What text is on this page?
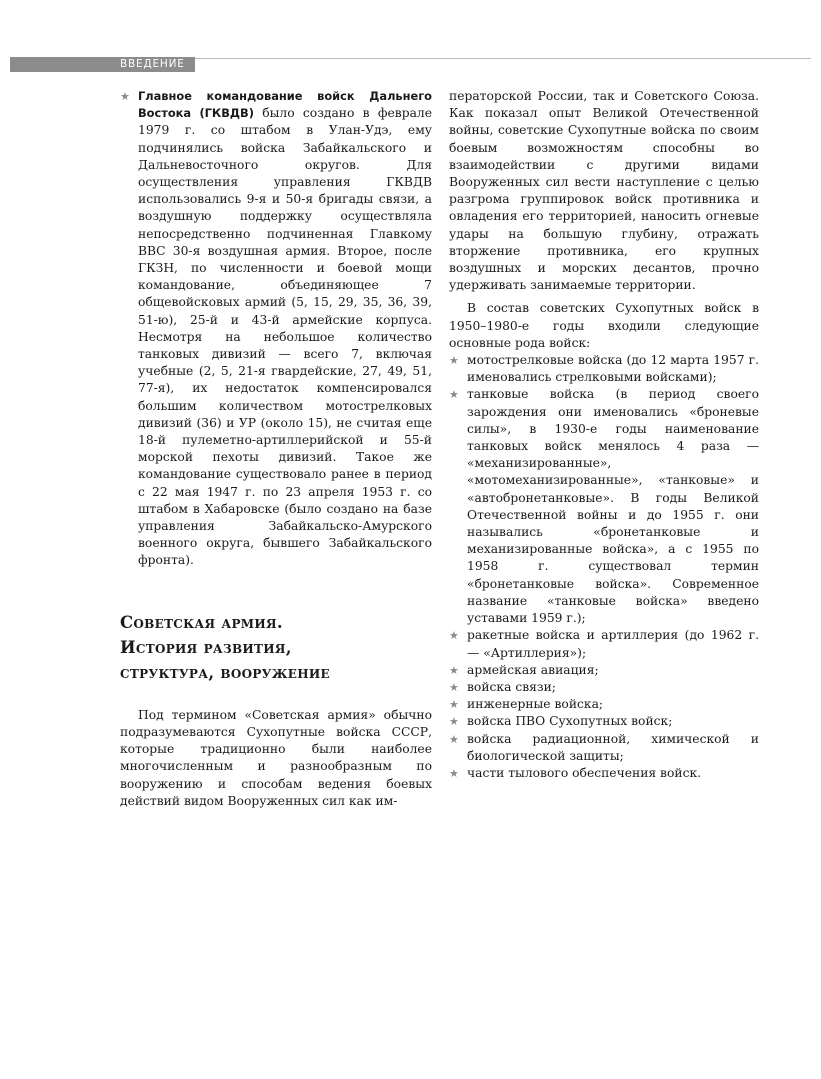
ВВЕДЕНИЕ

★ Главное командование войск Дальнего Востока (ГКВДВ) было создано в феврале 1979 г. со штабом в Улан-Удэ, ему подчинялись войска Забайкальского и Дальневосточного округов. Для осуществления управления ГКВДВ использовались 9-я и 50-я бригады связи, а воздушную поддержку осуществляла непосредственно подчиненная Главкому ВВС 30-я воздушная армия. Второе, после ГКЗН, по численности и боевой мощи командование, объединяющее 7 общевойсковых армий (5, 15, 29, 35, 36, 39, 51-ю), 25-й и 43-й армейские корпуса. Несмотря на небольшое количество танковых дивизий — всего 7, включая учебные (2, 5, 21-я гвардейские, 27, 49, 51, 77-я), их недостаток компенсировался большим количеством мотострелковых дивизий (36) и УР (около 15), не считая еще 18-й пулеметно-артиллерийской и 55-й морской пехоты дивизий. Такое же командование существовало ранее в период с 22 мая 1947 г. по 23 апреля 1953 г. со штабом в Хабаровске (было создано на базе управления Забайкальско-Амурского военного округа, бывшего Забайкальского фронта).

Советская армия.
История развития,
структура, вооружение

Под термином «Советская армия» обычно подразумеваются Сухопутные войска СССР, которые традиционно были наиболее многочисленным и разнообразным по вооружению и способам ведения боевых действий видом Вооруженных сил как им-

ператорской России, так и Советского Союза. Как показал опыт Великой Отечественной войны, советские Сухопутные войска по своим боевым возможностям способны во взаимодействии с другими видами Вооруженных сил вести наступление с целью разгрома группировок войск противника и овладения его территорией, наносить огневые удары на большую глубину, отражать вторжение противника, его крупных воздушных и морских десантов, прочно удерживать занимаемые территории.

В состав советских Сухопутных войск в 1950–1980-е годы входили следующие основные рода войск:

★ мотострелковые войска (до 12 марта 1957 г. именовались стрелковыми войсками);
★ танковые войска (в период своего зарождения они именовались «броневые силы», в 1930-е годы наименование танковых войск менялось 4 раза — «механизированные», «мотомеханизированные», «танковые» и «автобронетанковые». В годы Великой Отечественной войны и до 1955 г. они назывались «бронетанковые и механизированные войска», а с 1955 по 1958 г. существовал термин «бронетанковые войска». Современное название «танковые войска» введено уставами 1959 г.);
★ ракетные войска и артиллерия (до 1962 г. — «Артиллерия»);
★ армейская авиация;
★ войска связи;
★ инженерные войска;
★ войска ПВО Сухопутных войск;
★ войска радиационной, химической и биологической защиты;
★ части тылового обеспечения войск.
